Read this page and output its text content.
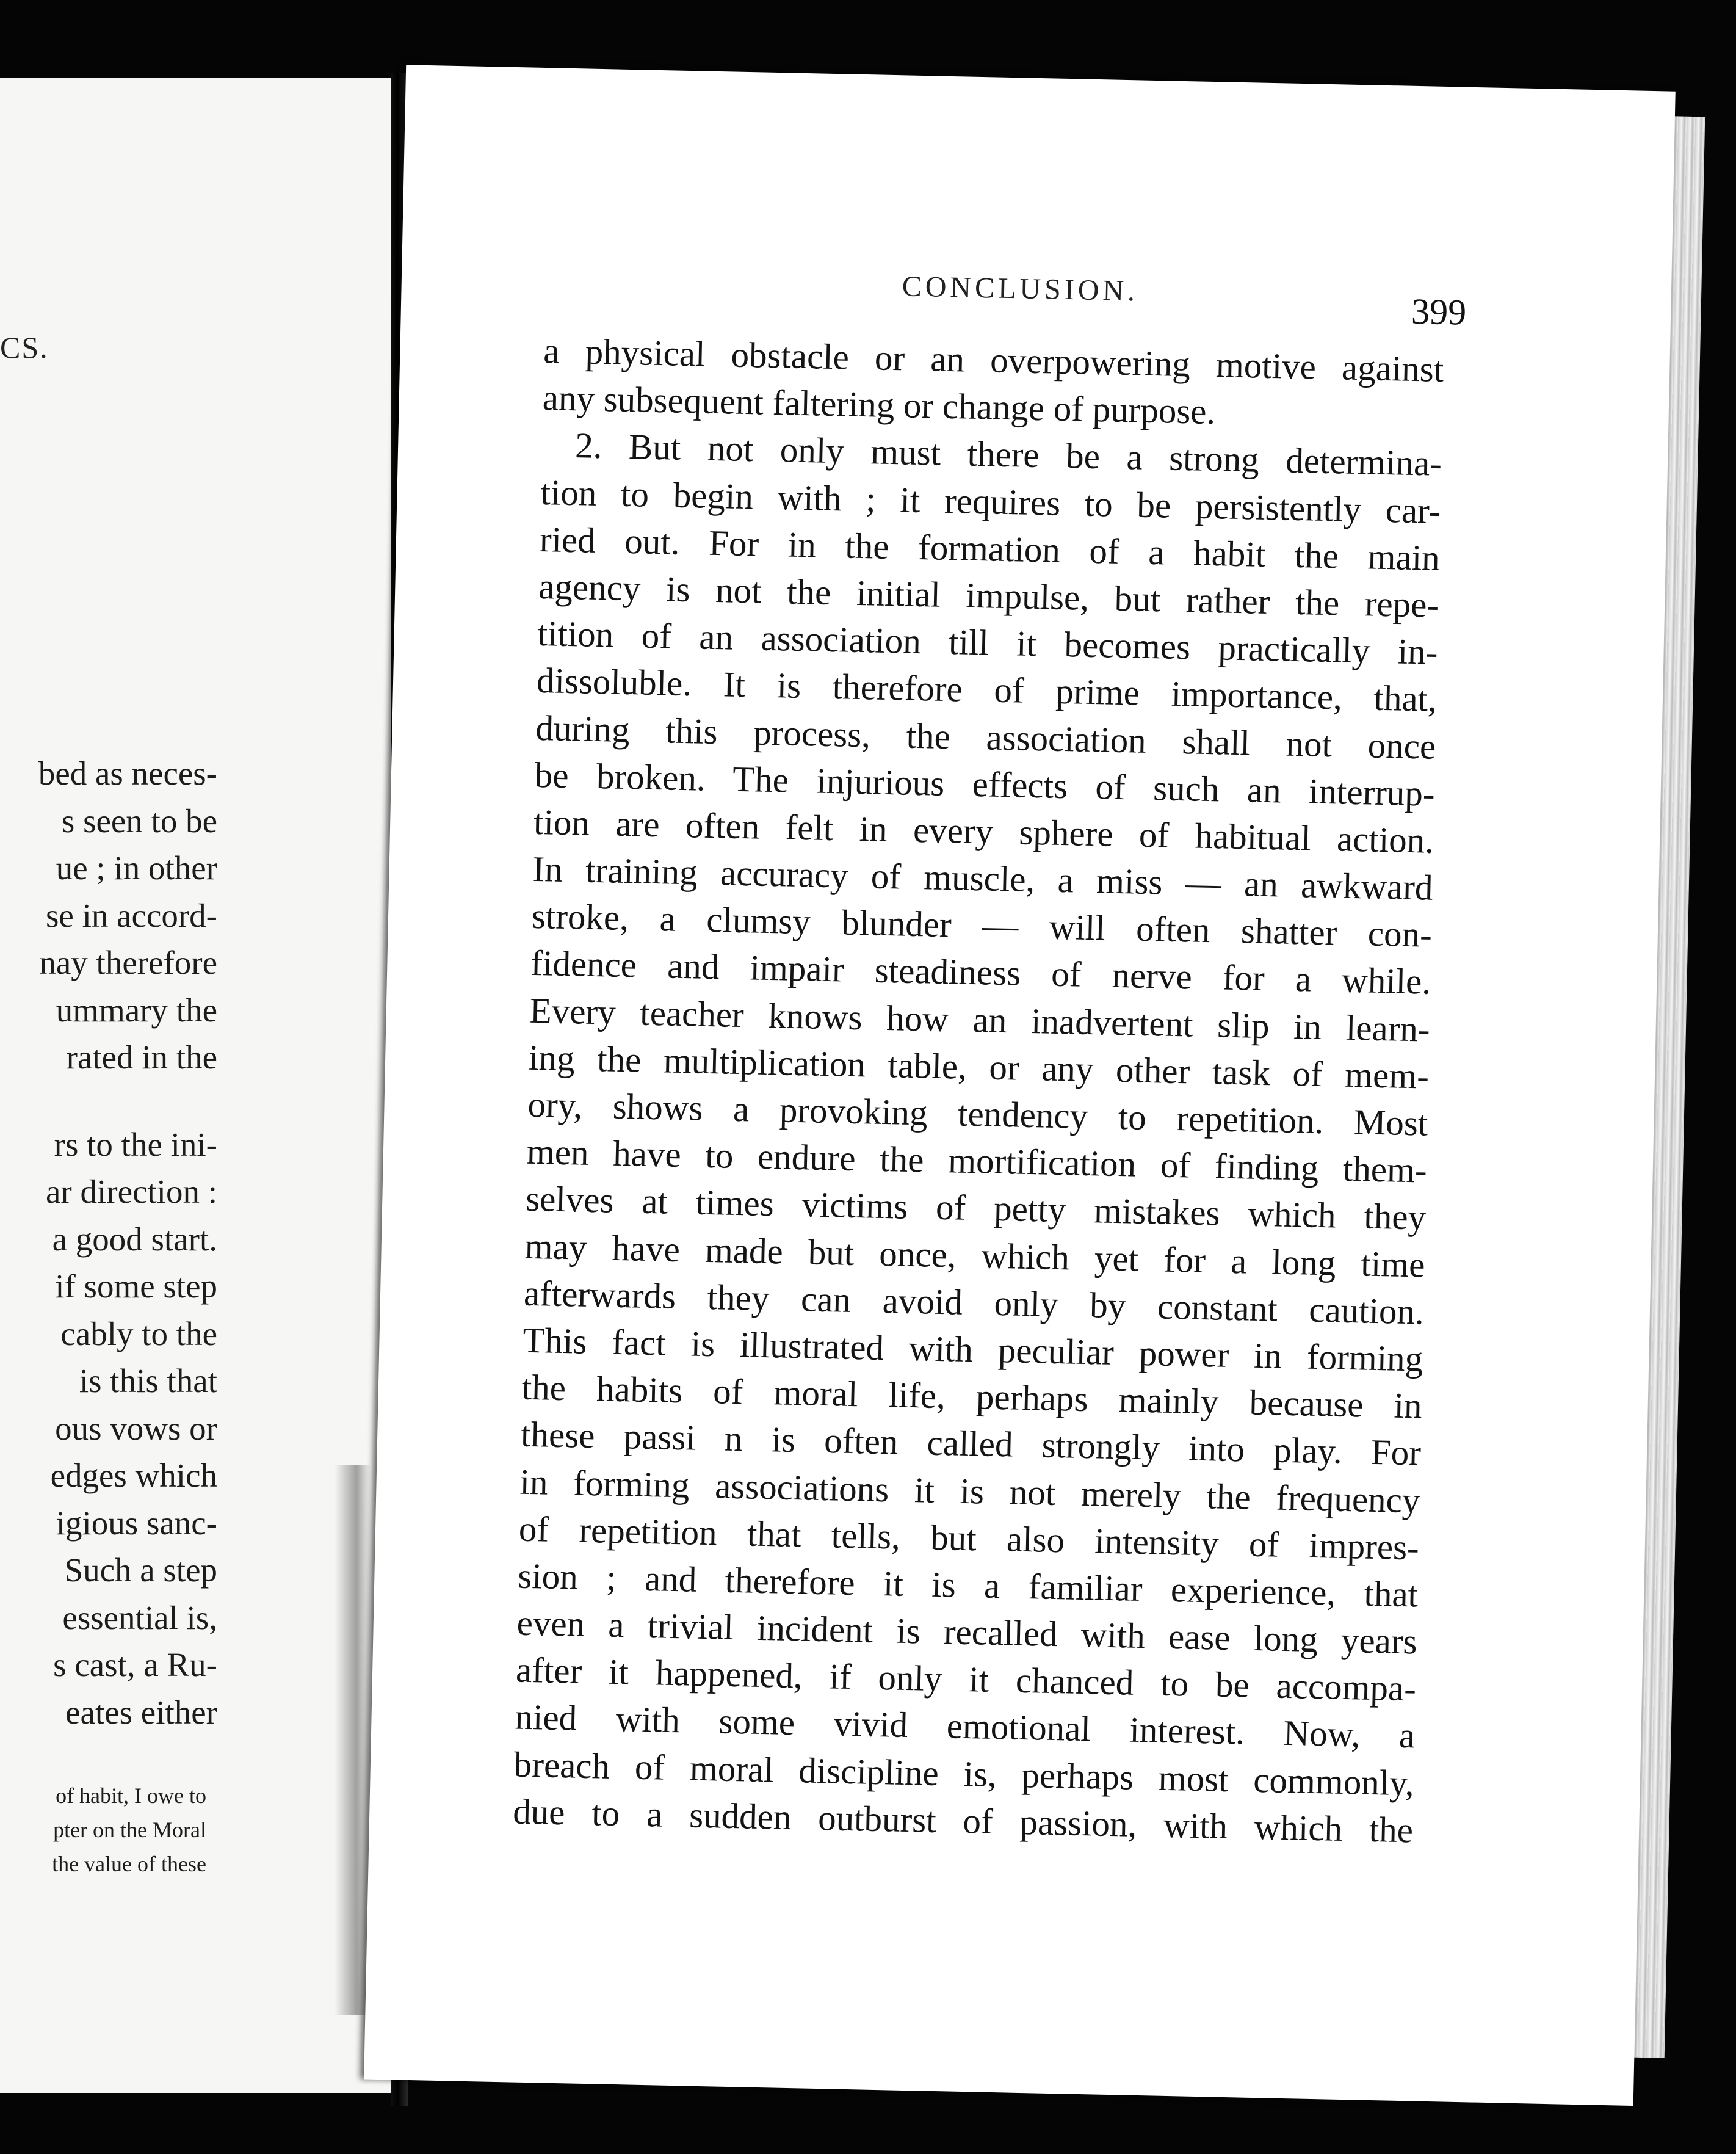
CS.
bed as neces-
s seen to be
ue ; in other
se in accord-
nay therefore
ummary the
rated in the
rs to the ini-
ar direction :
a good start.
if some step
cably to the
is this that
ous vows or
edges which
igious sanc-
Such a step
essential is,
s cast, a Ru-
eates either
of habit, I owe to
pter on the Moral
the value of these
CONCLUSION.
399
a physical obstacle or an overpowering motive against
any subsequent faltering or change of purpose.
2. But not only must there be a strong determina-
tion to begin with ; it requires to be persistently car-
ried out. For in the formation of a habit the main
agency is not the initial impulse, but rather the repe-
tition of an association till it becomes practically in-
dissoluble. It is therefore of prime importance, that,
during this process, the association shall not once
be broken. The injurious effects of such an interrup-
tion are often felt in every sphere of habitual action.
In training accuracy of muscle, a miss — an awkward
stroke, a clumsy blunder — will often shatter con-
fidence and impair steadiness of nerve for a while.
Every teacher knows how an inadvertent slip in learn-
ing the multiplication table, or any other task of mem-
ory, shows a provoking tendency to repetition. Most
men have to endure the mortification of finding them-
selves at times victims of petty mistakes which they
may have made but once, which yet for a long time
afterwards they can avoid only by constant caution.
This fact is illustrated with peculiar power in forming
the habits of moral life, perhaps mainly because in
these passi n is often called strongly into play. For
in forming associations it is not merely the frequency
of repetition that tells, but also intensity of impres-
sion ; and therefore it is a familiar experience, that
even a trivial incident is recalled with ease long years
after it happened, if only it chanced to be accompa-
nied with some vivid emotional interest. Now, a
breach of moral discipline is, perhaps most commonly,
due to a sudden outburst of passion, with which the
